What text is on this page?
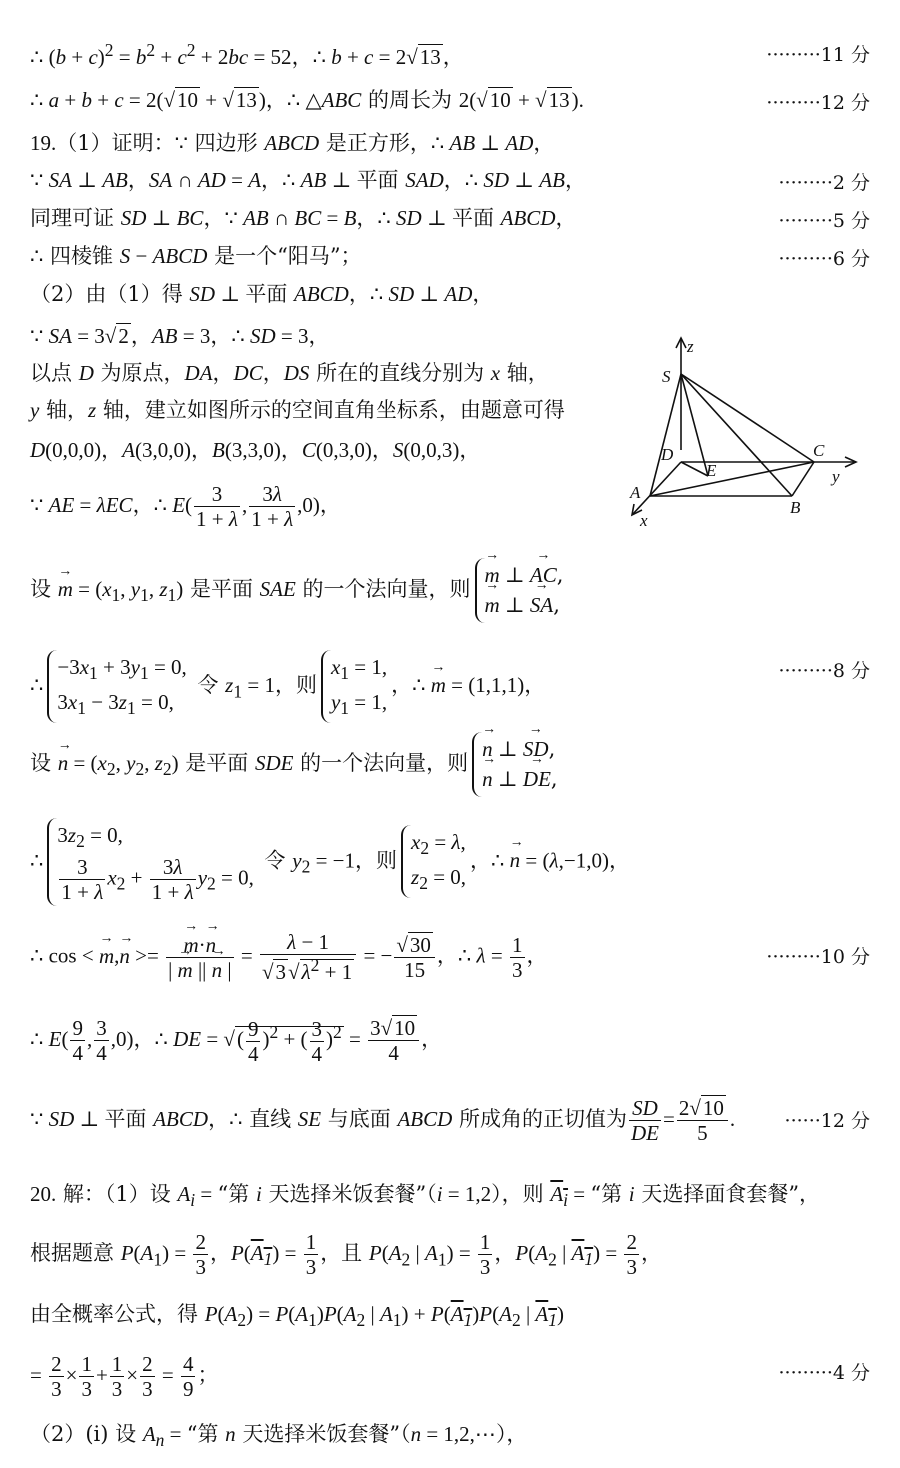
∴ $(b + c)^2 = b^2 + c^2 + 2bc = 52$，∴ b + c = 2√13，	·········11 分
∴ a + b + c = 2(√10 + √13)，∴ △ABC 的周长为 2(√10 + √13).	·········12 分
19.（1）证明：∵ 四边形 ABCD 是正方形，∴ AB ⊥ AD，
∵ SA ⊥ AB，SA ∩ AD = A，∴ AB ⊥ 平面 SAD，∴ SD ⊥ AB，	·········2 分
同理可证 SD ⊥ BC，∵ AB ∩ BC = B，∴ SD ⊥ 平面 ABCD，	·········5 分
∴ 四棱锥 S − ABCD 是一个“阳马”；	·········6 分
（2）由（1）得 SD ⊥ 平面 ABCD，∴ SD ⊥ AD，
∵ SA = 3√2，AB = 3，∴ SD = 3，
以点 D 为原点，DA，DC，DS 所在的直线分别为 x 轴，
y 轴，z 轴，建立如图所示的空间直角坐标系，由题意可得
D(0,0,0)，A(3,0,0)，B(3,3,0)，C(0,3,0)，S(0,0,3)，
∵ AE = λEC，∴ $E( \frac{3}{1 + \lambda}$ , $\frac{3\lambda}{1 + \lambda} ,0$)，
设 → $m = (x_1$, $y_1$, $z_1$) 是平面 SAE 的一个法向量，则
→ m ⊥ → AC,
→ m ⊥ → SA,
∴
$-3x_1 + 3y_1 = 0$,
$3x_1 - 3z_1 = 0$,
令 $z_1 = 1$，则
$x_1 = 1$,
$y_1 = 1$,
，∴ → m = (1,1,1)，
·········8 分
设 → $n = (x_2$, $y_2$, $z_2$) 是平面 SDE 的一个法向量，则
→ n ⊥ → SD,
→ n ⊥ → DE,
∴
$3z_2 = 0$,
$\frac{3}{1 + \lambda} x_2 + \frac{3\lambda}{1 + \lambda} y_2 = 0$,
令 $y_2 = -1$，则
$x_2 = \lambda$,
$z_2 = 0$,
，∴ → n = (λ,−1,0)，
∴ cos < → m,→ n >= → $\frac{m\cdot\to n}{| \to m || \to n |} = \frac{\lambda - 1}{√3√\lambda^2 + 1}$ = − $\frac{√30}{15}$ ，∴ $\lambda = \frac{1}{3}$ ，	·········10 分
∴ $E( \frac{9}{4}$ , $\frac{3}{4} ,0$)，∴ DE = √( $\frac{9}{4} )^2$ + ( $\frac{3}{4} )^2 = \frac{3√10}{4}$ ，
∵ SD ⊥ 平面 ABCD，∴ 直线 SE 与底面 ABCD 所成角的正切值为 $\frac{SD}{DE} = \frac{2√10}{5}$ .	······12 分
20. 解：（1）设 $A_i$ = “第 i 天选择米饭套餐”（i = 1,2），则 $A_i$ = “第 i 天选择面食套餐”，
根据题意 $P(A_1) = \frac{2}{3}$ ，$P(A_1) = \frac{1}{3}$ ，且 $P(A_2$ | $A_1) = \frac{1}{3}$ ，$P(A_2$ | $A_1) = \frac{2}{3}$ ，
由全概率公式，得 $P(A_2) = P(A_1)P(A_2$ | $A_1) + P(A_1)P(A_2$ | $A_1$)
= $\frac{2}{3} \times \frac{1}{3} + \frac{1}{3} \times \frac{2}{3} = \frac{4}{9}$ ；	·········4 分
（2）(i) 设 $A_n$ = “第 n 天选择米饭套餐”（n = 1,2,⋯），
z
S
D
E
C
y
A
B
x
